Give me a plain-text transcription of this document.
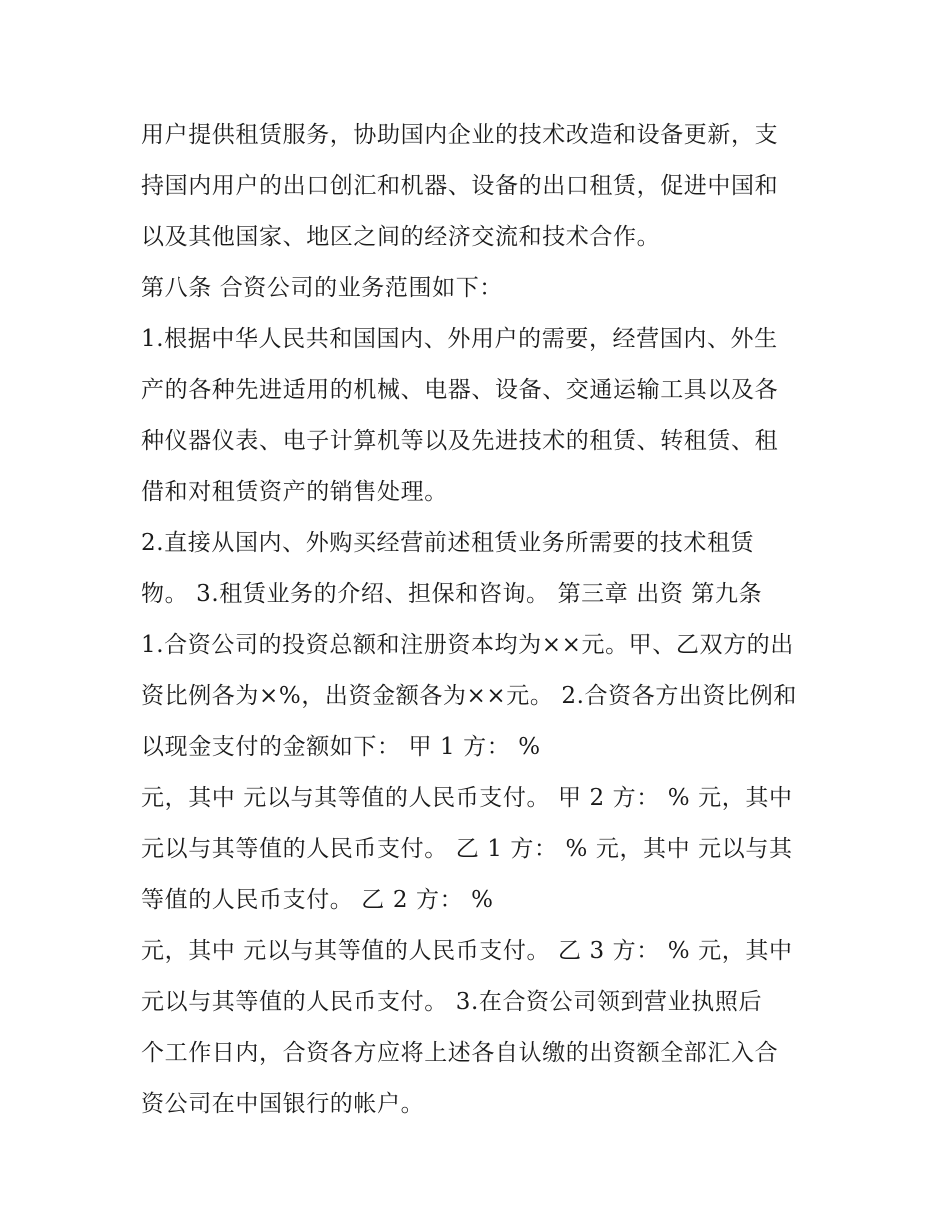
用户提供租赁服务，协助国内企业的技术改造和设备更新，支
持国内用户的出口创汇和机器、设备的出口租赁，促进中国和
以及其他国家、地区之间的经济交流和技术合作。
第八条 合资公司的业务范围如下：
1.根据中华人民共和国国内、外用户的需要，经营国内、外生
产的各种先进适用的机械、电器、设备、交通运输工具以及各
种仪器仪表、电子计算机等以及先进技术的租赁、转租赁、租
借和对租赁资产的销售处理。
2.直接从国内、外购买经营前述租赁业务所需要的技术租赁
物。 3.租赁业务的介绍、担保和咨询。 第三章 出资 第九条
1.合资公司的投资总额和注册资本均为××元。甲、乙双方的出
资比例各为×%，出资金额各为××元。 2.合资各方出资比例和
以现金支付的金额如下： 甲 1 方： %
元，其中 元以与其等值的人民币支付。 甲 2 方： % 元，其中
元以与其等值的人民币支付。 乙 1 方： % 元，其中 元以与其
等值的人民币支付。 乙 2 方： %
元，其中 元以与其等值的人民币支付。 乙 3 方： % 元，其中
元以与其等值的人民币支付。 3.在合资公司领到营业执照后
个工作日内，合资各方应将上述各自认缴的出资额全部汇入合
资公司在中国银行的帐户。
